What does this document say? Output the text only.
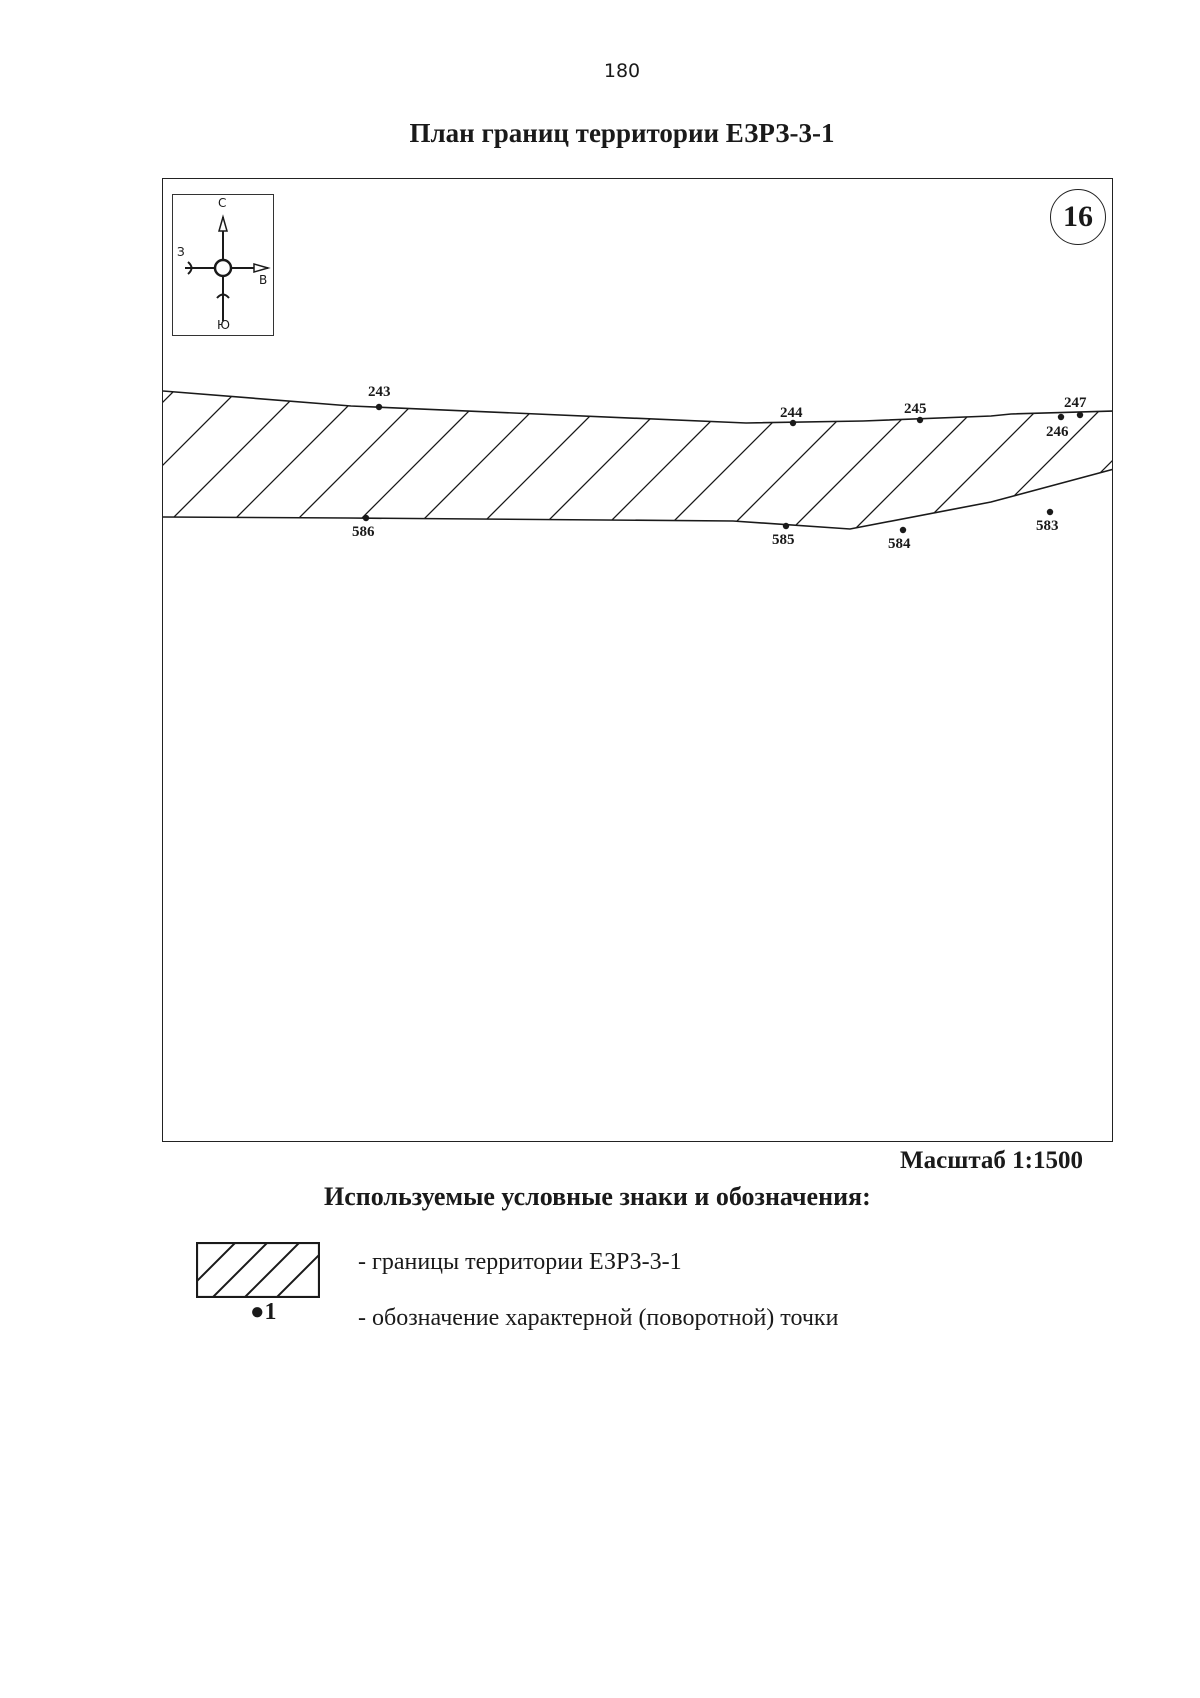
180
План границ территории ЕЗРЗ-3-1
С
Ю
З
В
16
243
244	245
246
247
586	585	584
583
Масштаб 1:1500
Используемые условные знаки и обозначения:
●1
- границы территории ЕЗРЗ-3-1
- обозначение характерной (поворотной) точки
